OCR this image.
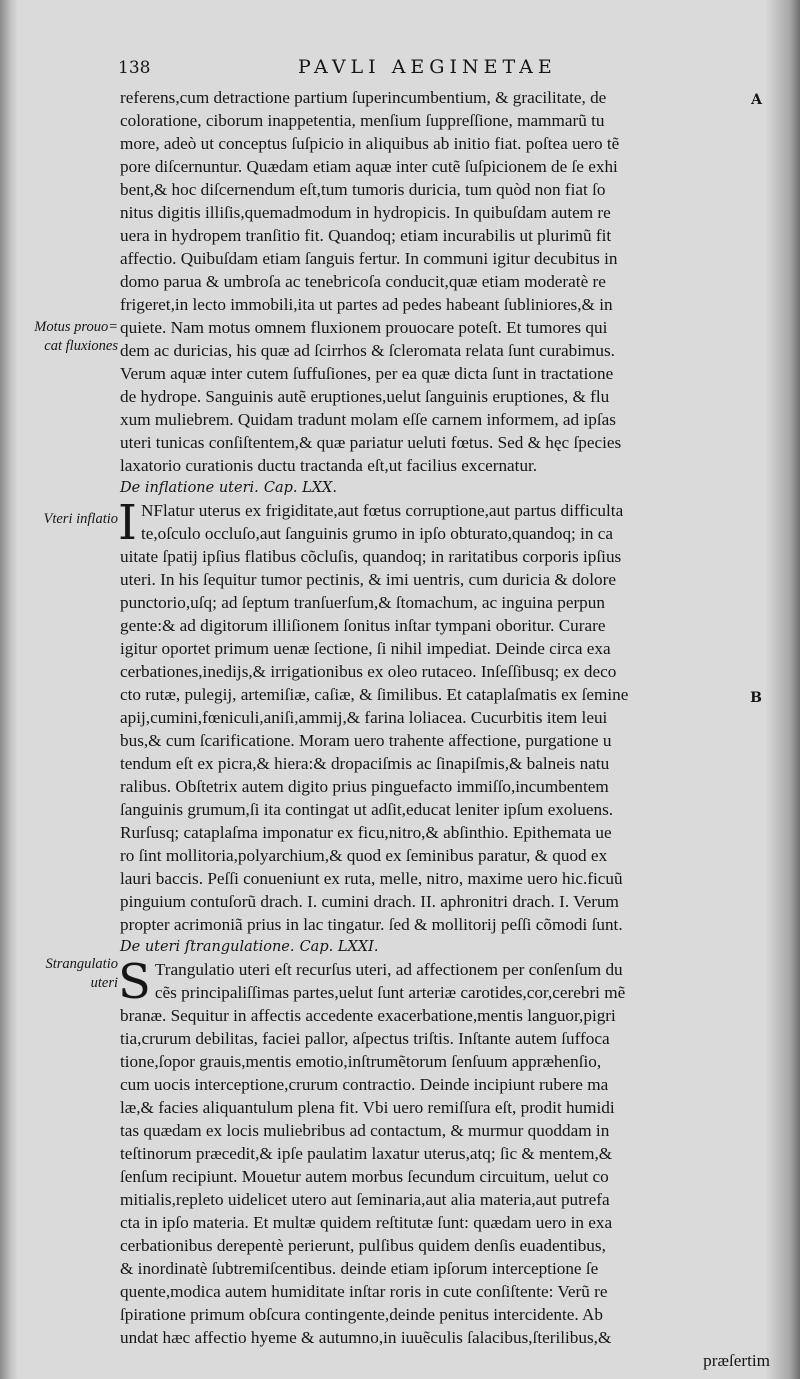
138	PAVLI AEGINETAE
Motus prouo=
cat fluxiones
Vteri inflatio
Strangulatio
uteri
A
B
referens,cum detractione partium ſuperincumbentium, & gracilitate, de
coloratione, ciborum inappetentia, menſium ſuppreſſione, mammarũ tu
more, adeò ut conceptus ſuſpicio in aliquibus ab initio fiat. poſtea uero tẽ
pore diſcernuntur. Quædam etiam aquæ inter cutẽ ſuſpicionem de ſe exhi
bent,& hoc diſcernendum eſt,tum tumoris duricia, tum quòd non fiat ſo
nitus digitis illiſis,quemadmodum in hydropicis. In quibuſdam autem re
uera in hydropem tranſitio fit. Quandoq; etiam incurabilis ut plurimũ fit
affectio. Quibuſdam etiam ſanguis fertur. In communi igitur decubitus in
domo parua & umbroſa ac tenebricoſa conducit,quæ etiam moderatè re
frigeret,in lecto immobili,ita ut partes ad pedes habeant ſubliniores,& in
quiete. Nam motus omnem fluxionem prouocare poteſt. Et tumores qui
dem ac duricias, his quæ ad ſcirrhos & ſcleromata relata ſunt curabimus.
Verum aquæ inter cutem ſuffuſiones, per ea quæ dicta ſunt in tractatione
de hydrope. Sanguinis autẽ eruptiones,uelut ſanguinis eruptiones, & flu
xum muliebrem. Quidam tradunt molam eſſe carnem informem, ad ipſas
uteri tunicas conſiſtentem,& quæ pariatur ueluti fœtus. Sed & hęc ſpecies
laxatorio curationis ductu tractanda eſt,ut facilius excernatur.
De inflatione uteri. Cap. LXX.
I NFlatur uterus ex frigiditate,aut fœtus corruptione,aut partus difficulta
te,oſculo occluſo,aut ſanguinis grumo in ipſo obturato,quandoq; in ca
uitate ſpatij ipſius flatibus cõcluſis, quandoq; in raritatibus corporis ipſius
uteri. In his ſequitur tumor pectinis, & imi uentris, cum duricia & dolore
punctorio,uſq; ad ſeptum tranſuerſum,& ſtomachum, ac inguina perpun
gente:& ad digitorum illiſionem ſonitus inſtar tympani oboritur. Curare
igitur oportet primum uenæ ſectione, ſi nihil impediat. Deinde circa exa
cerbationes,inedijs,& irrigationibus ex oleo rutaceo. Inſeſſibusq; ex deco
cto rutæ, pulegij, artemiſiæ, caſiæ, & ſimilibus. Et cataplaſmatis ex ſemine
apij,cumini,fœniculi,aniſi,ammij,& farina loliacea. Cucurbitis item leui
bus,& cum ſcarificatione. Moram uero trahente affectione, purgatione u
tendum eſt ex picra,& hiera:& dropaciſmis ac ſinapiſmis,& balneis natu
ralibus. Obſtetrix autem digito prius pinguefacto immiſſo,incumbentem
ſanguinis grumum,ſi ita contingat ut adſit,educat leniter ipſum exoluens.
Rurſusq; cataplaſma imponatur ex ficu,nitro,& abſinthio. Epithemata ue
ro ſint mollitoria,polyarchium,& quod ex ſeminibus paratur, & quod ex
lauri baccis. Peſſi conueniunt ex ruta, melle, nitro, maxime uero hic.ficuũ
pinguium contuſorũ drach. I. cumini drach. II. aphronitri drach. I. Verum
propter acrimoniã prius in lac tingatur. ſed & mollitorij peſſi cõmodi ſunt.
De uteri ſtrangulatione. Cap. LXXI.
S Trangulatio uteri eſt recurſus uteri, ad affectionem per conſenſum du
cẽs principaliſſimas partes,uelut ſunt arteriæ carotides,cor,cerebri mẽ
branæ. Sequitur in affectis accedente exacerbatione,mentis languor,pigri
tia,crurum debilitas, faciei pallor, aſpectus triſtis. Inſtante autem ſuffoca
tione,ſopor grauis,mentis emotio,inſtrumẽtorum ſenſuum appræhenſio,
cum uocis interceptione,crurum contractio. Deinde incipiunt rubere ma
læ,& facies aliquantulum plena fit. Vbi uero remiſſura eſt, prodit humidi
tas quædam ex locis muliebribus ad contactum, & murmur quoddam in
teſtinorum præcedit,& ipſe paulatim laxatur uterus,atq; ſic & mentem,&
ſenſum recipiunt. Mouetur autem morbus ſecundum circuitum, uelut co
mitialis,repleto uidelicet utero aut ſeminaria,aut alia materia,aut putrefa
cta in ipſo materia. Et multæ quidem reſtitutæ ſunt: quædam uero in exa
cerbationibus derepentè perierunt, pulſibus quidem denſis euadentibus,
& inordinatè ſubtremiſcentibus. deinde etiam ipſorum interceptione ſe
quente,modica autem humiditate inſtar roris in cute conſiſtente: Verũ re
ſpiratione primum obſcura contingente,deinde penitus intercidente. Ab
undat hæc affectio hyeme & autumno,in iuuẽculis ſalacibus,ſterilibus,&
præſertim
